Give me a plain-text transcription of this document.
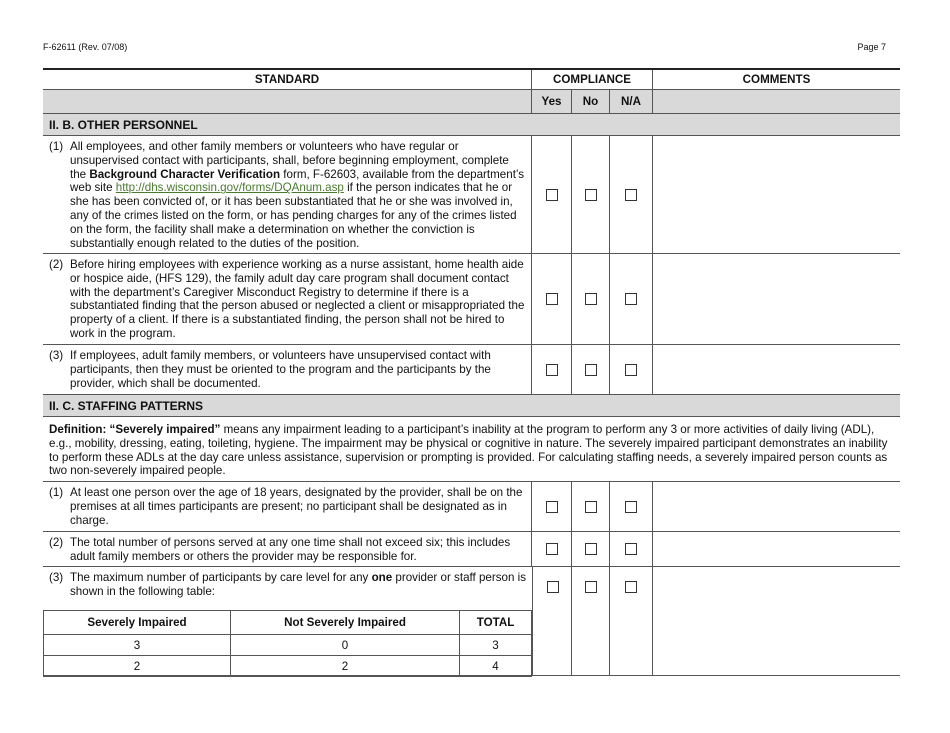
F-62611 (Rev. 07/08)	Page 7
STANDARD	COMPLIANCE	COMMENTS
Yes	No	N/A
II. B. OTHER PERSONNEL
(1) All employees, and other family members or volunteers who have regular or unsupervised contact with participants, shall, before beginning employment, complete the Background Character Verification form, F-62603, available from the department’s web site http://dhs.wisconsin.gov/forms/DQAnum.asp if the person indicates that he or she has been convicted of, or it has been substantiated that he or she was involved in, any of the crimes listed on the form, or has pending charges for any of the crimes listed on the form, the facility shall make a determination on whether the conviction is substantially enough related to the duties of the position.
(2) Before hiring employees with experience working as a nurse assistant, home health aide or hospice aide, (HFS 129), the family adult day care program shall document contact with the department’s Caregiver Misconduct Registry to determine if there is a substantiated finding that the person abused or neglected a client or misappropriated the property of a client. If there is a substantiated finding, the person shall not be hired to work in the program.
(3) If employees, adult family members, or volunteers have unsupervised contact with participants, then they must be oriented to the program and the participants by the provider, which shall be documented.
II. C. STAFFING PATTERNS
Definition: “Severely impaired” means any impairment leading to a participant’s inability at the program to perform any 3 or more activities of daily living (ADL), e.g., mobility, dressing, eating, toileting, hygiene. The impairment may be physical or cognitive in nature. The severely impaired participant demonstrates an inability to perform these ADLs at the day care unless assistance, supervision or prompting is provided. For calculating staffing needs, a severely impaired person counts as two non-severely impaired people.
(1) At least one person over the age of 18 years, designated by the provider, shall be on the premises at all times participants are present; no participant shall be designated as in charge.
(2) The total number of persons served at any one time shall not exceed six; this includes adult family members or others the provider may be responsible for.
(3) The maximum number of participants by care level for any one provider or staff person is shown in the following table:
Severely Impaired	Not Severely Impaired	TOTAL
3	0	3
2	2	4
